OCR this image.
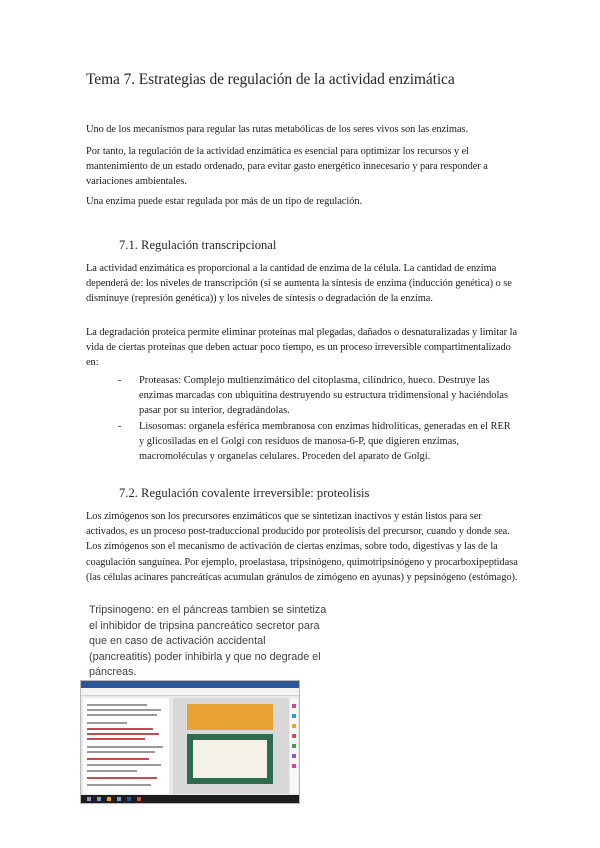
Tema 7. Estrategias de regulación de la actividad enzimática

Uno de los mecanismos para regular las rutas metabólicas de los seres vivos son las enzimas.

Por tanto, la regulación de la actividad enzimática es esencial para optimizar los recursos y el mantenimiento de un estado ordenado, para evitar gasto energético innecesario y para responder a variaciones ambientales.

Una enzima puede estar regulada por más de un tipo de regulación.

7.1. Regulación transcripcional

La actividad enzimática es proporcional a la cantidad de enzima de la célula. La cantidad de enzima dependerá de: los niveles de transcripción (si se aumenta la síntesis de enzima (inducción genética) o se disminuye (represión genética)) y los niveles de síntesis o degradación de la enzima.

La degradación proteica permite eliminar proteínas mal plegadas, dañados o desnaturalizadas y limitar la vida de ciertas proteínas que deben actuar poco tiempo, es un proceso irreversible compartimentalizado en:

- Proteasas: Complejo multienzimático del citoplasma, cilíndrico, hueco. Destruye las enzimas marcadas con ubiquitina destruyendo su estructura tridimensional y haciéndolas pasar por su interior, degradándolas.
- Lisosomas: organela esférica membranosa con enzimas hidrolíticas, generadas en el RER y glicosiladas en el Golgi con residuos de manosa-6-P, que digieren enzimas, macromoléculas y organelas celulares. Proceden del aparato de Golgi.
7.2. Regulación covalente irreversible: proteolisis

Los zimógenos son los precursores enzimáticos que se sintetizan inactivos y están listos para ser activados, es un proceso post-traduccional producido por proteolisis del precursor, cuando y donde sea. Los zimógenos son el mecanismo de activación de ciertas enzimas, sobre todo, digestivas y las de la coagulación sanguínea. Por ejemplo, proelastasa, tripsinógeno, quimotripsinógeno y procarboxipeptidasa (las células acinares pancreáticas acumulan gránulos de zimógeno en ayunas) y pepsinógeno (estómago).

Tripsinogeno: en el páncreas tambien se sintetiza el inhibidor de tripsina pancreático secretor para que en caso de activación accidental (pancreatitis) poder inhibirla y que no degrade el páncreas.
